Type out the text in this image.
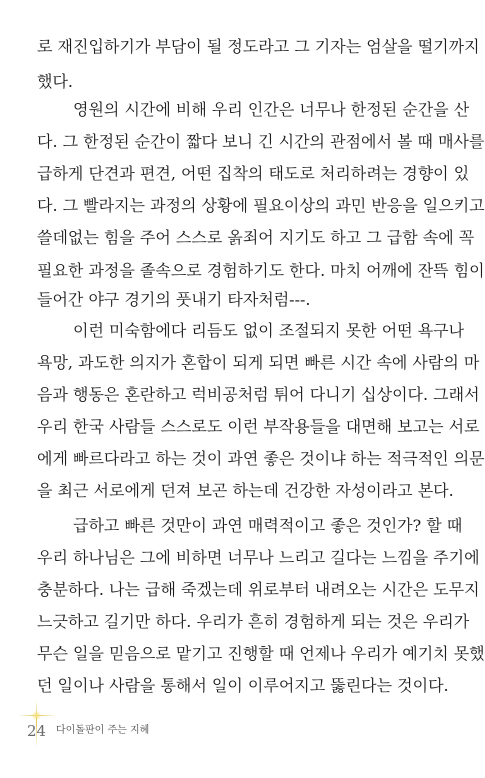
로 재진입하기가 부담이 될 정도라고 그 기자는 엄살을 떨기까지
했다.
영원의 시간에 비해 우리 인간은 너무나 한정된 순간을 산
다. 그 한정된 순간이 짧다 보니 긴 시간의 관점에서 볼 때 매사를
급하게 단견과 편견, 어떤 집착의 태도로 처리하려는 경향이 있
다. 그 빨라지는 과정의 상황에 필요이상의 과민 반응을 일으키고
쓸데없는 힘을 주어 스스로 옭죄어 지기도 하고 그 급함 속에 꼭
필요한 과정을 졸속으로 경험하기도 한다. 마치 어깨에 잔뜩 힘이
들어간 야구 경기의 풋내기 타자처럼---.
이런 미숙함에다 리듬도 없이 조절되지 못한 어떤 욕구나
욕망, 과도한 의지가 혼합이 되게 되면 빠른 시간 속에 사람의 마
음과 행동은 혼란하고 럭비공처럼 튀어 다니기 십상이다. 그래서
우리 한국 사람들 스스로도 이런 부작용들을 대면해 보고는 서로
에게 빠르다라고 하는 것이 과연 좋은 것이냐 하는 적극적인 의문
을 최근 서로에게 던져 보곤 하는데 건강한 자성이라고 본다.
급하고 빠른 것만이 과연 매력적이고 좋은 것인가? 할 때
우리 하나님은 그에 비하면 너무나 느리고 길다는 느낌을 주기에
충분하다. 나는 급해 죽겠는데 위로부터 내려오는 시간은 도무지
느긋하고 길기만 하다. 우리가 흔히 경험하게 되는 것은 우리가
무슨 일을 믿음으로 맡기고 진행할 때 언제나 우리가 예기치 못했
던 일이나 사람을 통해서 일이 이루어지고 뚫린다는 것이다.
24 다이돌판이 주는 지혜
